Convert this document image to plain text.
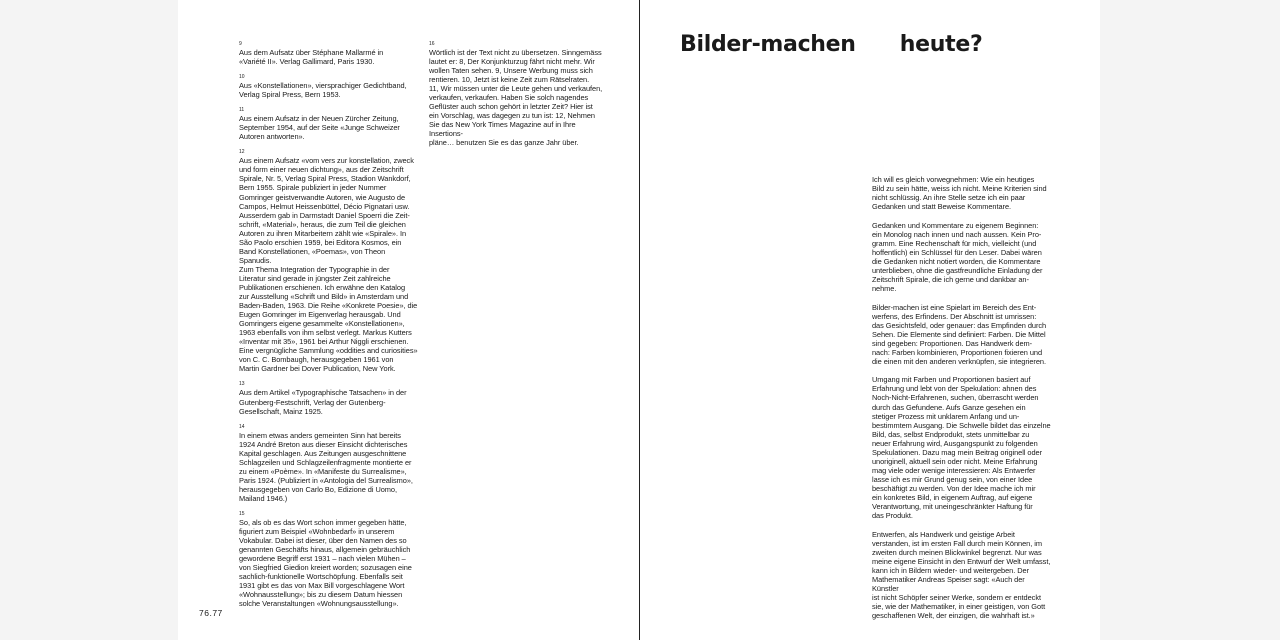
9
Aus dem Aufsatz über Stéphane Mallarmé in
«Variété II». Verlag Gallimard, Paris 1930.
10
Aus «Konstellationen», viersprachiger Gedichtband,
Verlag Spiral Press, Bern 1953.
11
Aus einem Aufsatz in der Neuen Zürcher Zeitung,
September 1954, auf der Seite «Junge Schweizer
Autoren antworten».
12
Aus einem Aufsatz «vom vers zur konstellation, zweck
und form einer neuen dichtung», aus der Zeitschrift
Spirale, Nr. 5, Verlag Spiral Press, Stadion Wankdorf,
Bern 1955. Spirale publiziert in jeder Nummer
Gomringer geistverwandte Autoren, wie Augusto de
Campos, Helmut Heissenbüttel, Décio Pignatari usw.
Ausserdem gab in Darmstadt Daniel Spoerri die Zeit-
schrift, «Material», heraus, die zum Teil die gleichen
Autoren zu ihren Mitarbeitern zählt wie «Spirale». In
São Paolo erschien 1959, bei Editora Kosmos, ein
Band Konstellationen, «Poemas», von Theon Spanudis.
Zum Thema Integration der Typographie in der
Literatur sind gerade in jüngster Zeit zahlreiche
Publikationen erschienen. Ich erwähne den Katalog
zur Ausstellung «Schrift und Bild» in Amsterdam und
Baden-Baden, 1963. Die Reihe «Konkrete Poesie», die
Eugen Gomringer im Eigenverlag herausgab. Und
Gomringers eigene gesammelte «Konstellationen»,
1963 ebenfalls von ihm selbst verlegt. Markus Kutters
«Inventar mit 35», 1961 bei Arthur Niggli erschienen.
Eine vergnügliche Sammlung «oddities and curiosities»
von C. C. Bombaugh, herausgegeben 1961 von
Martin Gardner bei Dover Publication, New York.
13
Aus dem Artikel «Typographische Tatsachen» in der
Gutenberg-Festschrift, Verlag der Gutenberg-
Gesellschaft, Mainz 1925.
14
In einem etwas anders gemeinten Sinn hat bereits
1924 André Breton aus dieser Einsicht dichterisches
Kapital geschlagen. Aus Zeitungen ausgeschnittene
Schlagzeilen und Schlagzeilenfragmente montierte er
zu einem «Poème». In «Manifeste du Surrealisme»,
Paris 1924. (Publiziert in «Antologia del Surrealismo»,
herausgegeben von Carlo Bo, Edizione di Uomo,
Mailand 1946.)
15
So, als ob es das Wort schon immer gegeben hätte,
figuriert zum Beispiel «Wohnbedarf» in unserem
Vokabular. Dabei ist dieser, über den Namen des so
genannten Geschäfts hinaus, allgemein gebräuchlich
gewordene Begriff erst 1931 – nach vielen Mühen –
von Siegfried Giedion kreiert worden; sozusagen eine
sachlich-funktionelle Wortschöpfung. Ebenfalls seit
1931 gibt es das von Max Bill vorgeschlagene Wort
«Wohnausstellung»; bis zu diesem Datum hiessen
solche Veranstaltungen «Wohnungsausstellung».
16
Wörtlich ist der Text nicht zu übersetzen. Sinngemäss
lautet er: 8, Der Konjunkturzug fährt nicht mehr. Wir
wollen Taten sehen. 9, Unsere Werbung muss sich
rentieren. 10, Jetzt ist keine Zeit zum Rätselraten.
11, Wir müssen unter die Leute gehen und verkaufen,
verkaufen, verkaufen. Haben Sie solch nagendes
Geflüster auch schon gehört in letzter Zeit? Hier ist
ein Vorschlag, was dagegen zu tun ist: 12, Nehmen
Sie das New York Times Magazine auf in Ihre Insertions-
pläne… benutzen Sie es das ganze Jahr über.
76.77
Bilder-machen      heute?

Ich will es gleich vorwegnehmen: Wie ein heutiges
Bild zu sein hätte, weiss ich nicht. Meine Kriterien sind
nicht schlüssig. An ihre Stelle setze ich ein paar
Gedanken und statt Beweise Kommentare.

Gedanken und Kommentare zu eigenem Beginnen:
ein Monolog nach innen und nach aussen. Kein Pro-
gramm. Eine Rechenschaft für mich, vielleicht (und
hoffentlich) ein Schlüssel für den Leser. Dabei wären
die Gedanken nicht notiert worden, die Kommentare
unterblieben, ohne die gastfreundliche Einladung der
Zeitschrift Spirale, die ich gerne und dankbar an-
nehme.

Bilder-machen ist eine Spielart im Bereich des Ent-
werfens, des Erfindens. Der Abschnitt ist umrissen:
das Gesichtsfeld, oder genauer: das Empfinden durch
Sehen. Die Elemente sind definiert: Farben. Die Mittel
sind gegeben: Proportionen. Das Handwerk dem-
nach: Farben kombinieren, Proportionen fixieren und
die einen mit den anderen verknüpfen, sie integrieren.

Umgang mit Farben und Proportionen basiert auf
Erfahrung und lebt von der Spekulation: ahnen des
Noch-Nicht-Erfahrenen, suchen, überrascht werden
durch das Gefundene. Aufs Ganze gesehen ein
stetiger Prozess mit unklarem Anfang und un-
bestimmtem Ausgang. Die Schwelle bildet das einzelne
Bild, das, selbst Endprodukt, stets unmittelbar zu
neuer Erfahrung wird, Ausgangspunkt zu folgenden
Spekulationen. Dazu mag mein Beitrag originell oder
unoriginell, aktuell sein oder nicht. Meine Erfahrung
mag viele oder wenige interessieren: Als Entwerfer
lasse ich es mir Grund genug sein, von einer Idee
beschäftigt zu werden. Von der Idee mache ich mir
ein konkretes Bild, in eigenem Auftrag, auf eigene
Verantwortung, mit uneingeschränkter Haftung für
das Produkt.

Entwerfen, als Handwerk und geistige Arbeit
verstanden, ist im ersten Fall durch mein Können, im
zweiten durch meinen Blickwinkel begrenzt. Nur was
meine eigene Einsicht in den Entwurf der Welt umfasst,
kann ich in Bildern wieder- und weitergeben. Der
Mathematiker Andreas Speiser sagt: «Auch der Künstler
ist nicht Schöpfer seiner Werke, sondern er entdeckt
sie, wie der Mathematiker, in einer geistigen, von Gott
geschaffenen Welt, der einzigen, die wahrhaft ist.»
